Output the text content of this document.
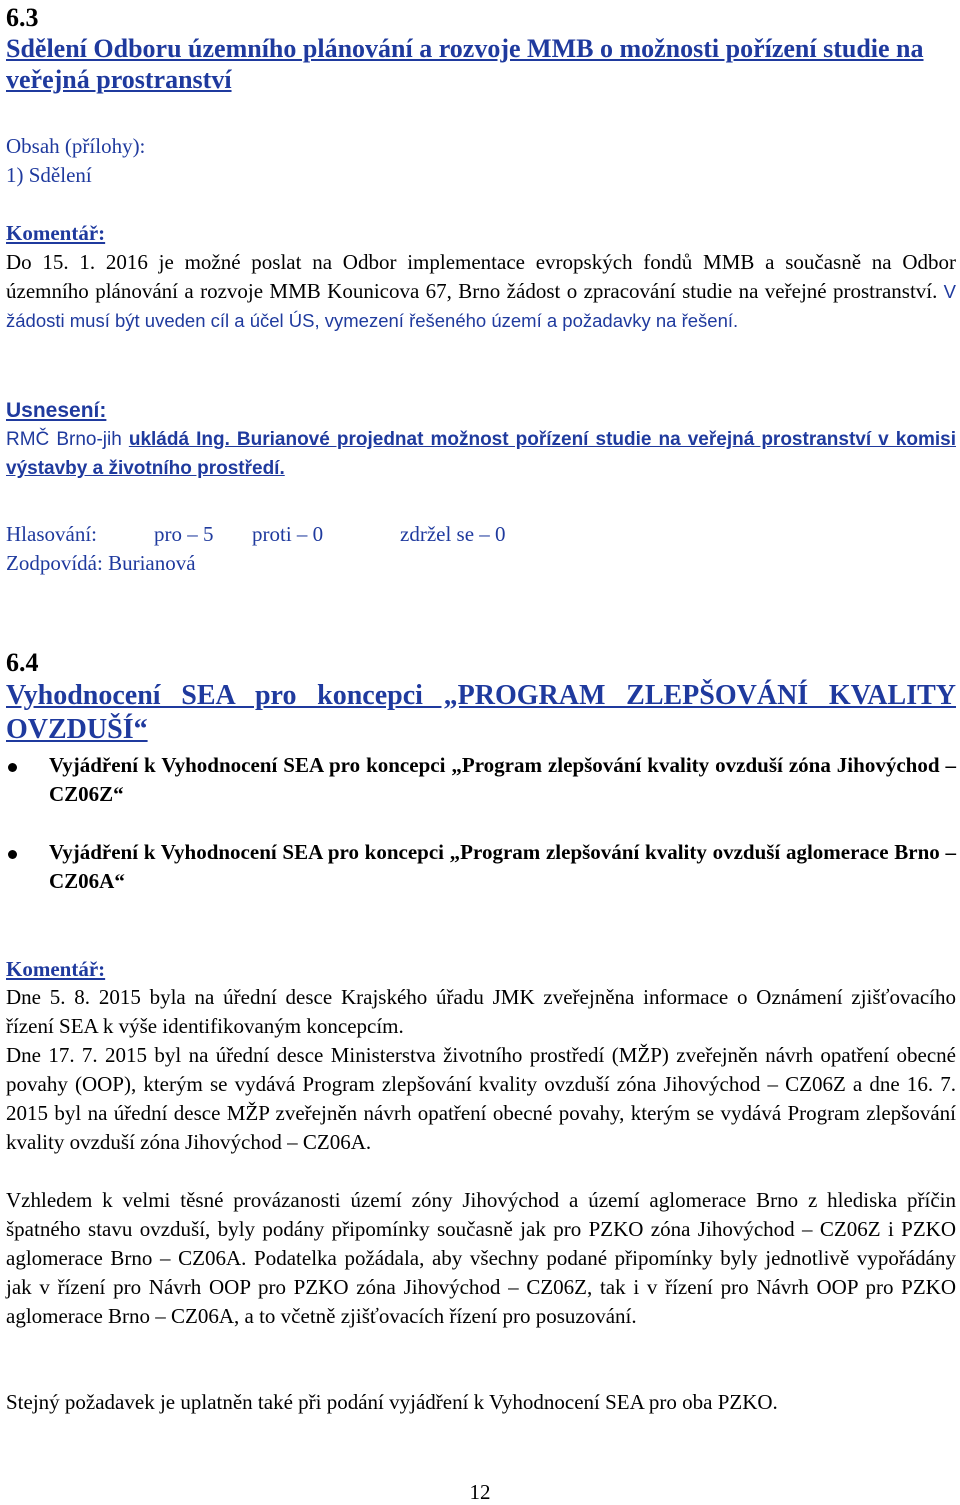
6.3
Sdělení Odboru územního plánování a rozvoje MMB o možnosti pořízení studie na veřejná prostranství
Obsah (přílohy):
1) Sdělení
Komentář:
Do 15. 1. 2016 je možné poslat na Odbor implementace evropských fondů MMB a současně na Odbor územního plánování a rozvoje MMB Kounicova 67, Brno žádost o zpracování studie na veřejné prostranství. V žádosti musí být uveden cíl a účel ÚS, vymezení řešeného území a požadavky na řešení.
Usnesení:
RMČ Brno-jih ukládá Ing. Burianové projednat možnost pořízení studie na veřejná prostranství v komisi výstavby a životního prostředí.
Hlasování:	pro – 5 proti – 0	zdržel se – 0
Zodpovídá: Burianová
6.4
Vyhodnocení SEA pro koncepci „PROGRAM ZLEPŠOVÁNÍ KVALITY OVZDUŠÍ“
Vyjádření k Vyhodnocení SEA pro koncepci „Program zlepšování kvality ovzduší zóna Jihovýchod – CZ06Z“
Vyjádření k Vyhodnocení SEA pro koncepci „Program zlepšování kvality ovzduší aglomerace Brno – CZ06A“
Komentář:
Dne 5. 8. 2015 byla na úřední desce Krajského úřadu JMK zveřejněna informace o Oznámení zjišťovacího řízení SEA k výše identifikovaným koncepcím.
Dne 17. 7. 2015 byl na úřední desce Ministerstva životního prostředí (MŽP) zveřejněn návrh opatření obecné povahy (OOP), kterým se vydává Program zlepšování kvality ovzduší zóna Jihovýchod – CZ06Z a dne 16. 7. 2015 byl na úřední desce MŽP zveřejněn návrh opatření obecné povahy, kterým se vydává Program zlepšování kvality ovzduší zóna Jihovýchod – CZ06A.
Vzhledem k velmi těsné provázanosti území zóny Jihovýchod a území aglomerace Brno z hlediska příčin špatného stavu ovzduší, byly podány připomínky současně jak pro PZKO zóna Jihovýchod – CZ06Z i PZKO aglomerace Brno – CZ06A. Podatelka požádala, aby všechny podané připomínky byly jednotlivě vypořádány jak v řízení pro Návrh OOP pro PZKO zóna Jihovýchod – CZ06Z, tak i v řízení pro Návrh OOP pro PZKO aglomerace Brno – CZ06A, a to včetně zjišťovacích řízení pro posuzování.
Stejný požadavek je uplatněn také při podání vyjádření k Vyhodnocení SEA pro oba PZKO.
12
